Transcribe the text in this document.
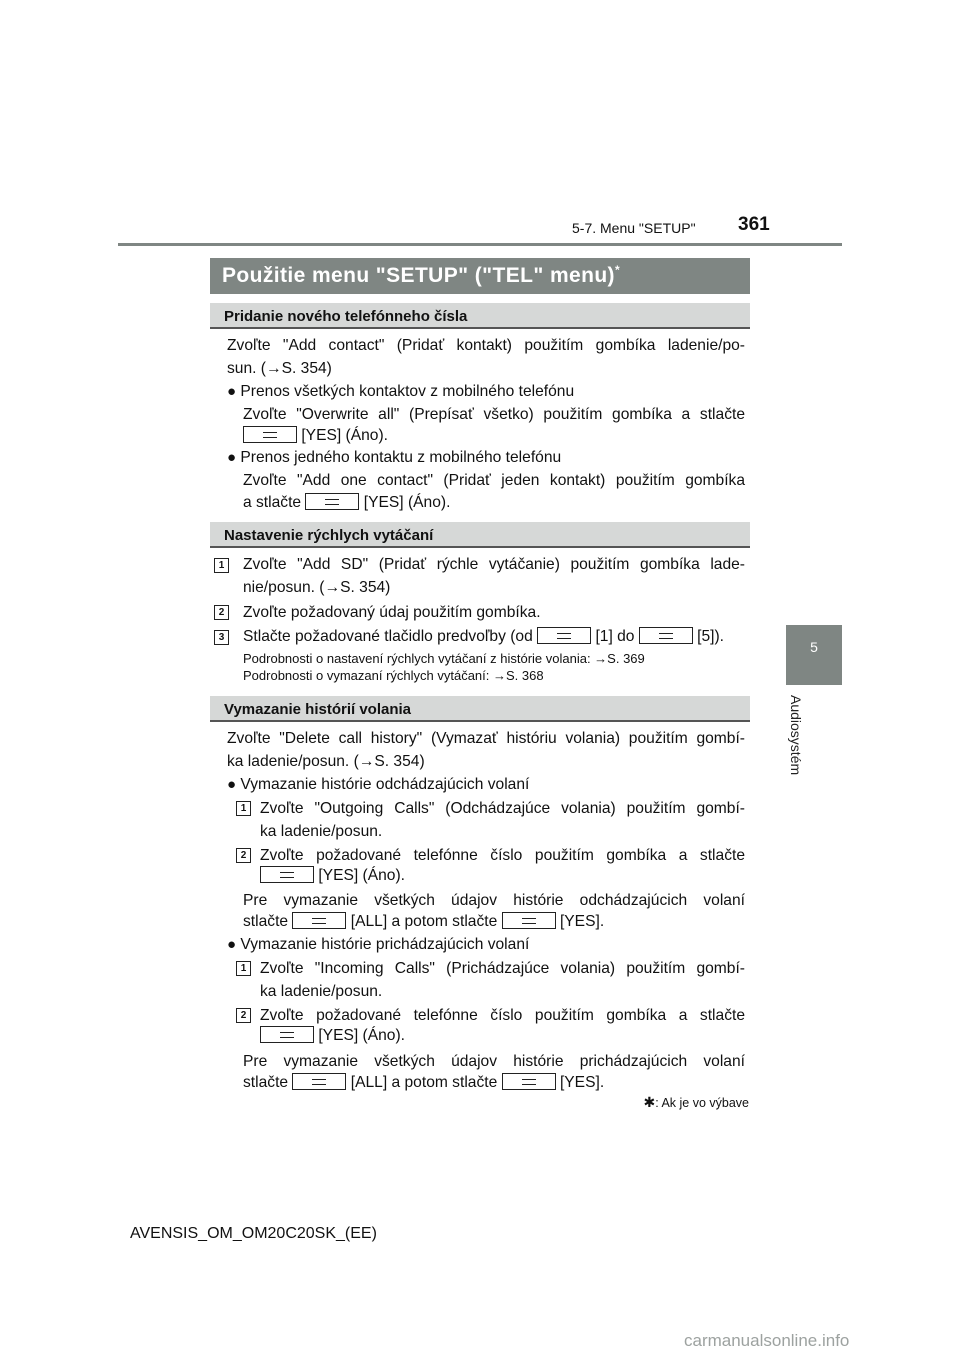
5-7. Menu "SETUP" 361
5
Audiosystém
Použitie menu "SETUP" ("TEL" menu)*
Pridanie nového telefónneho čísla
Zvoľte "Add contact" (Pridať kontakt) použitím gombíka ladenie/po-
sun. (→S. 354)
● Prenos všetkých kontaktov z mobilného telefónu
Zvoľte "Overwrite all" (Prepísať všetko) použitím gombíka a stlačte
[YES] (Áno).
● Prenos jedného kontaktu z mobilného telefónu
Zvoľte "Add one contact" (Pridať jeden kontakt) použitím gombíka
a stlačte	[YES] (Áno).
Nastavenie rýchlych vytáčaní
1	Zvoľte "Add SD" (Pridať rýchle vytáčanie) použitím gombíka lade-
nie/posun. (→S. 354)
2	Zvoľte požadovaný údaj použitím gombíka.
3	Stlačte požadované tlačidlo predvoľby (od	[1] do	[5]).
Podrobnosti o nastavení rýchlych vytáčaní z histórie volania: →S. 369
Podrobnosti o vymazaní rýchlych vytáčaní: →S. 368
Vymazanie histórií volania
Zvoľte "Delete call history" (Vymazať históriu volania) použitím gombí-
ka ladenie/posun. (→S. 354)
● Vymazanie histórie odchádzajúcich volaní
1 Zvoľte "Outgoing Calls" (Odchádzajúce volania) použitím gombí-
ka ladenie/posun.
2 Zvoľte požadované telefónne číslo použitím gombíka a stlačte
[YES] (Áno).
Pre vymazanie všetkých údajov histórie odchádzajúcich volaní
stlačte	[ALL] a potom stlačte	[YES].
● Vymazanie histórie prichádzajúcich volaní
1 Zvoľte "Incoming Calls" (Prichádzajúce volania) použitím gombí-
ka ladenie/posun.
2 Zvoľte požadované telefónne číslo použitím gombíka a stlačte
[YES] (Áno).
Pre vymazanie všetkých údajov histórie prichádzajúcich volaní
stlačte	[ALL] a potom stlačte	[YES].
✱: Ak je vo výbave
AVENSIS_OM_OM20C20SK_(EE)
carmanualsonline.info
